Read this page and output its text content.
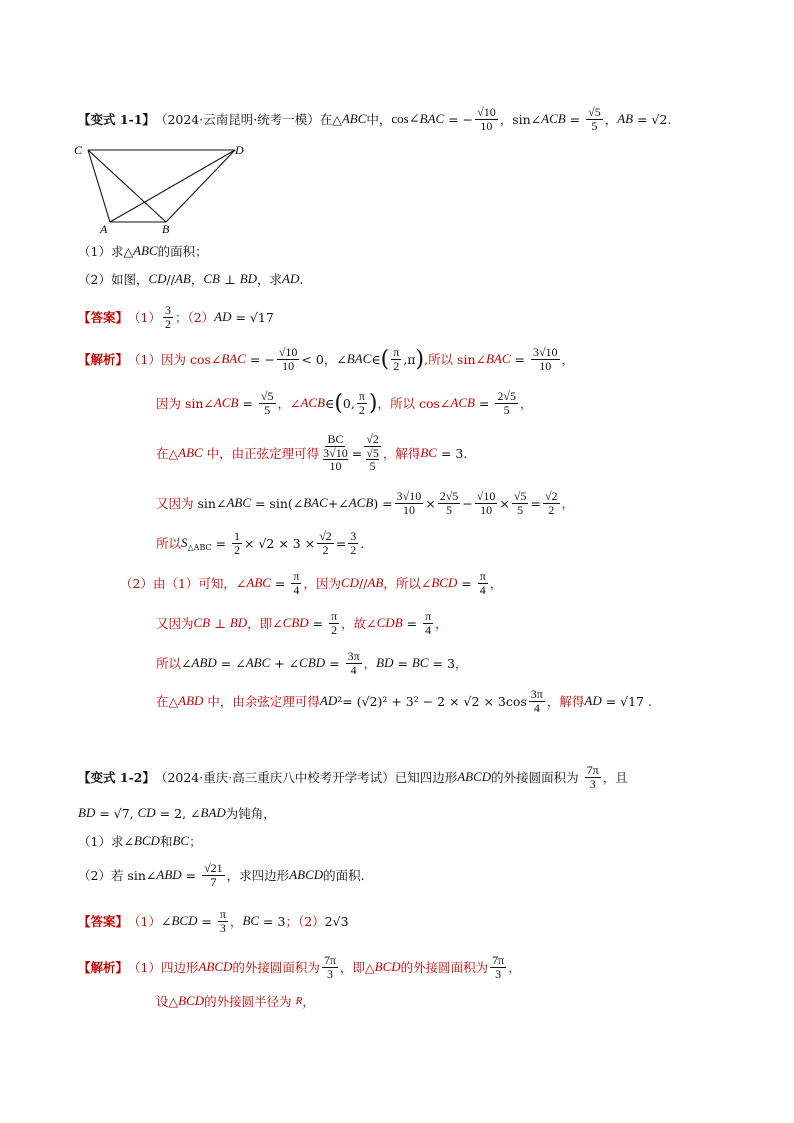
【变式 1-1】 （2024·云南昆明·统考一模） 在△ ABC 中， cos∠ BAC = − $\frac{√10}{10}$ ，sin∠ ACB = $\frac{√5}{5}$ ， AB = √2.
C	D
A	B
（1）求△ ABC 的面积；
（2）如图， CD // AB ， CB ⊥ BD ，求 AD .
【答案】 $(1) \frac{3}{2}$ ；（2） AD = √17
【解析】 （1）因为 cos∠ BAC = − $\frac{√10}{10} < 0$，∠ BAC ∈ ( $\frac{\pi}{2} ,\pi$ ) ,所以 sin∠ BAC = $\frac{3√10}{10}$ ，
因为 sin∠ ACB = $\frac{√5}{5}$ ，∠ ACB ∈ ( 0, $\frac{\pi}{2}$ ) ，所以 cos∠ ACB = $\frac{2√5}{5}$ ，
在△ ABC 中，由正弦定理可得 BC
3√10
10 = √2
√5
5 ，解得 BC = 3.
又因为 sin∠ ABC = sin(∠ BAC +∠ ACB ) = $\frac{3√10}{10} \times \frac{2√5}{5} - \frac{√10}{10} \times \frac{√5}{5} = \frac{√2}{2}$ ，
所以 S △ABC = $\frac{1}{2} \times √2 \times 3 \times \frac{√2}{2} = \frac{3}{2}$ .
（2）由（1）可知，∠ ABC = $\frac{\pi}{4}$ ，因为 CD // AB ，所以∠ BCD = $\frac{\pi}{4}$ ，
又因为 CB ⊥ BD ，即∠ CBD = $\frac{\pi}{2}$ ，故∠ CDB = $\frac{\pi}{4}$ ，
所以 ∠ ABD = ∠ ABC + ∠ CBD = $\frac{3\pi}{4}$ ， BD = BC = 3 ，
在△ ABD 中，由余弦定理可得 AD $^2= (√2)^2 + 3^2 - 2 \times √2 \times 3\cos \frac{3\pi}{4}$ ，解得 AD = √17 .
【变式 1-2】 （2024·重庆·高三重庆八中校考开学考试） 已知四边形 ABCD 的外接圆面积为 $\frac{7\pi}{3}$ ，且
BD = √7, CD = 2, ∠ BAD 为钝角，
（1）求∠ BCD 和 BC ；
（2）若 sin∠ ABD = $\frac{√21}{7}$ ，求四边形 ABCD 的面积．
【答案】 （1） ∠ BCD = $\frac{\pi}{3}$ ， BC = 3 ；（2） 2√3
【解析】 （1）四边形 ABCD 的外接圆面积为 $\frac{7\pi}{3}$ ，即△ BCD 的外接圆面积为 $\frac{7\pi}{3}$ ，
设△ BCD 的外接圆半径为 R ，
